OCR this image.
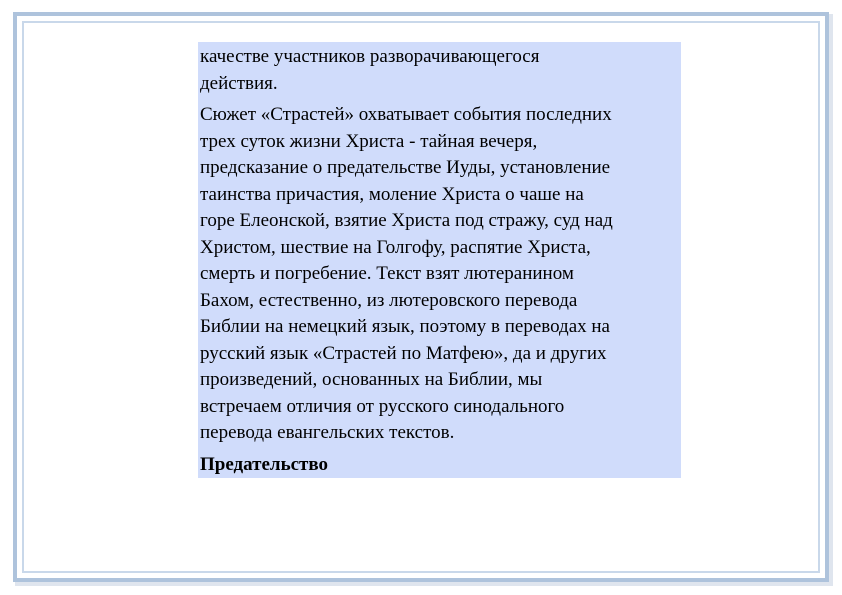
качестве участников разворачивающегося
действия.

Сюжет «Страстей» охватывает события последних
трех суток жизни Христа - тайная вечеря,
предсказание о предательстве Иуды, установление
таинства причастия, моление Христа о чаше на
горе Елеонской, взятие Христа под стражу, суд над
Христом, шествие на Голгофу, распятие Христа,
смерть и погребение. Текст взят лютеранином
Бахом, естественно, из лютеровского перевода
Библии на немецкий язык, поэтому в переводах на
русский язык «Страстей по Матфею», да и других
произведений, основанных на Библии, мы
встречаем отличия от русского синодального
перевода евангельских текстов.

Предательство
